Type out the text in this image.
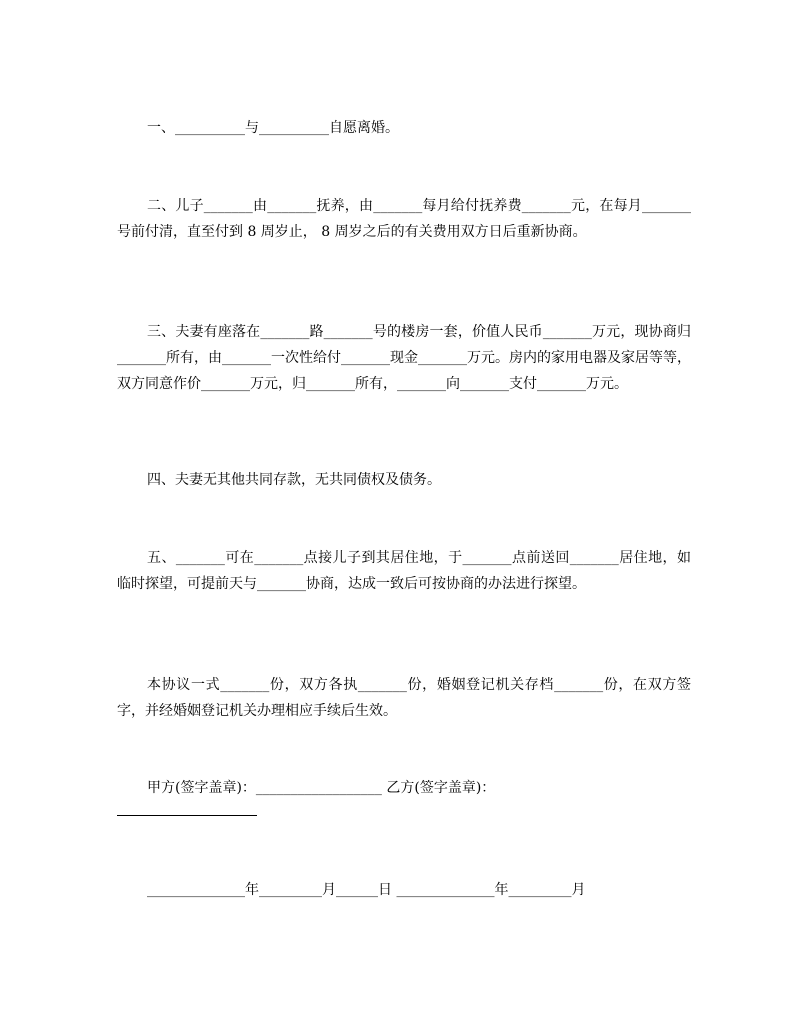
一、__________与__________自愿离婚。

二、儿子_______由_______抚养，由_______每月给付抚养费_______元，在每月_______号前付清，直至付到 8 周岁止， 8 周岁之后的有关费用双方日后重新协商。

三、夫妻有座落在_______路_______号的楼房一套，价值人民币_______万元，现协商归_______所有，由_______一次性给付_______现金_______万元。房内的家用电器及家居等等，双方同意作价_______万元，归_______所有，_______向_______支付_______万元。

四、夫妻无其他共同存款，无共同债权及债务。

五、_______可在_______点接儿子到其居住地，于_______点前送回_______居住地，如临时探望，可提前天与_______协商，达成一致后可按协商的办法进行探望。

本协议一式_______份，双方各执_______份，婚姻登记机关存档_______份，在双方签字，并经婚姻登记机关办理相应手续后生效。

甲方(签字盖章)：__________________ 乙方(签字盖章)：

______________年_________月______日 ______________年_________月
